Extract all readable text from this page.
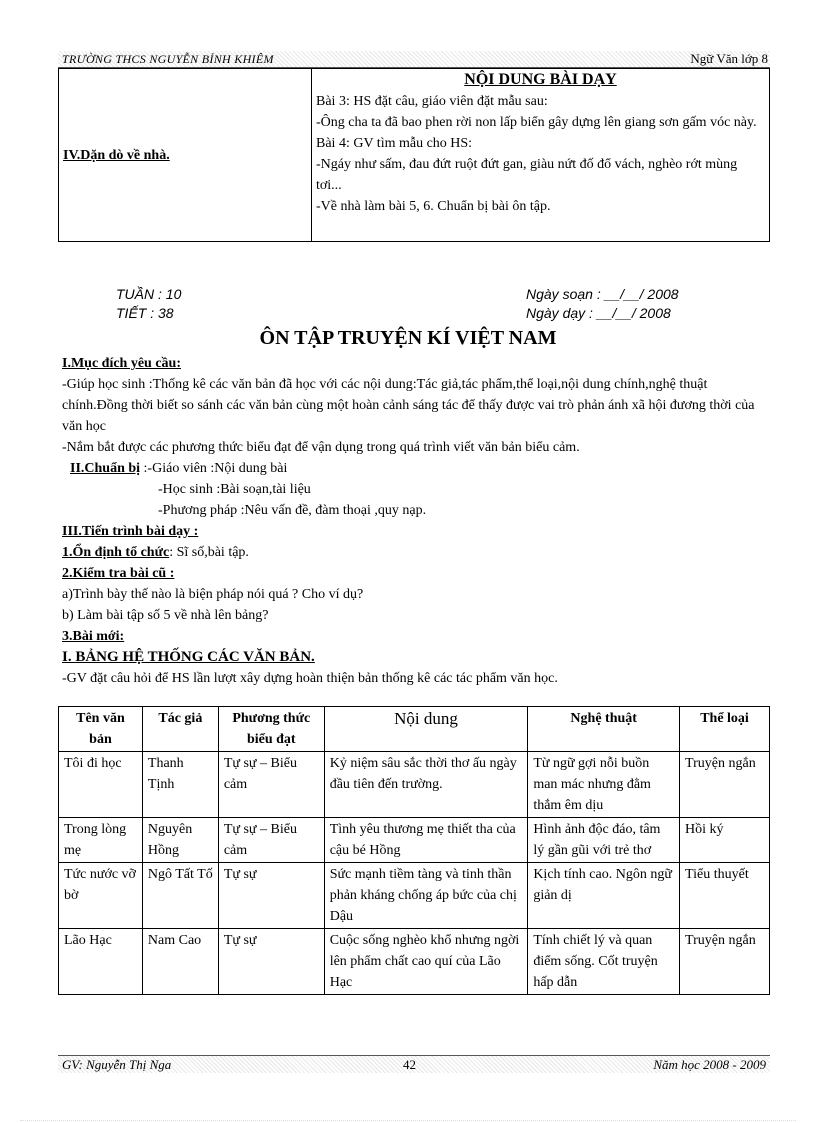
TRƯỜNG THCS NGUYỄN BỈNH KHIÊM	Ngữ Văn lớp 8
IV.Dặn dò về nhà.	
NỘI DUNG BÀI DẠY
Bài 3: HS đặt câu, giáo viên đặt mẫu sau:
-Ông cha ta đã bao phen rời non lấp biển gây dựng lên giang sơn gấm vóc này.
Bài 4: GV tìm mẫu cho HS:
-Ngáy như sấm, đau đứt ruột đứt gan, giàu nứt đố đổ vách, nghèo rớt mùng tơi...
-Về nhà làm bài 5, 6. Chuẩn bị bài ôn tập.
TUẦN : 10
TIẾT : 38
Ngày soạn : __/__/ 2008
Ngày dạy : __/__/ 2008
ÔN TẬP TRUYỆN KÍ VIỆT NAM

I.Mục đích yêu cầu:

-Giúp học sinh :Thống kê các văn bản đã học với các nội dung:Tác giả,tác phẩm,thể loại,nội dung chính,nghệ thuật chính.Đồng thời biết so sánh các văn bản cùng một hoàn cảnh sáng tác để thấy được vai trò phản ánh xã hội đương thời của văn học

-Nắm bắt được các phương thức biểu đạt để vận dụng trong quá trình viết văn bản biểu cảm.

II.Chuẩn bị :-Giáo viên :Nội dung bài

-Học sinh :Bài soạn,tài liệu

-Phương pháp :Nêu vấn đề, đàm thoại ,quy nạp.

III.Tiến trình bài dạy :

1.Ổn định tổ chức: Sĩ số,bài tập.

2.Kiểm tra bài cũ :

a)Trình bày thế nào là biện pháp nói quá ? Cho ví dụ?

b) Làm bài tập số 5 về nhà lên bảng?

3.Bài mới:

I. BẢNG HỆ THỐNG CÁC VĂN BẢN.

-GV đặt câu hỏi để HS lần lượt xây dựng hoàn thiện bản thống kê các tác phẩm văn học.

Tên văn bản	Tác giả	Phương thức biểu đạt	Nội dung	Nghệ thuật	Thể loại
Tôi đi học	Thanh Tịnh	Tự sự – Biểu cảm	Kỷ niệm sâu sắc thời thơ ấu ngày đầu tiên đến trường.	Từ ngữ gợi nỗi buồn man mác nhưng đằm thắm êm dịu	Truyện ngắn
Trong lòng mẹ	Nguyên Hồng	Tự sự – Biểu cảm	Tình yêu thương mẹ thiết tha của cậu bé Hồng	Hình ảnh độc đáo, tâm lý gần gũi với trẻ thơ	Hồi ký
Tức nước vỡ bờ	Ngô Tất Tố	Tự sự	Sức mạnh tiềm tàng và tinh thần phản kháng chống áp bức của chị Dậu	Kịch tính cao. Ngôn ngữ giản dị	Tiểu thuyết
Lão Hạc	Nam Cao	Tự sự	Cuộc sống nghèo khổ nhưng ngời lên phẩm chất cao quí của Lão Hạc	Tính chiết lý và quan điểm sống. Cốt truyện hấp dẫn	Truyện ngắn
GV: Nguyễn Thị Nga	42	Năm học 2008 - 2009
